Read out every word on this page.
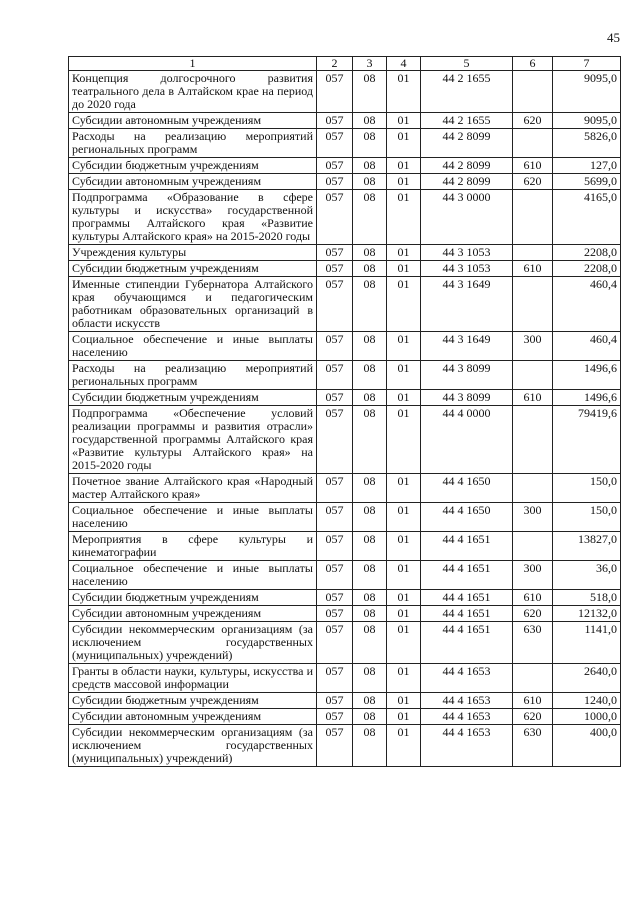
45
1	2	3	4	5	6	7
Концепция долгосрочного развития театрального дела в Алтайском крае на период до 2020 года	057	08	01	44 2 1655		9095,0
Субсидии автономным учреждениям	057	08	01	44 2 1655	620	9095,0
Расходы на реализацию мероприятий региональных программ	057	08	01	44 2 8099		5826,0
Субсидии бюджетным учреждениям	057	08	01	44 2 8099	610	127,0
Субсидии автономным учреждениям	057	08	01	44 2 8099	620	5699,0
Подпрограмма «Образование в сфере культуры и искусства» государственной программы Алтайского края «Развитие культуры Алтайского края» на 2015-2020 годы	057	08	01	44 3 0000		4165,0
Учреждения культуры	057	08	01	44 3 1053		2208,0
Субсидии бюджетным учреждениям	057	08	01	44 3 1053	610	2208,0
Именные стипендии Губернатора Алтайского края обучающимся и педагогическим работникам образовательных организаций в области искусств	057	08	01	44 3 1649		460,4
Социальное обеспечение и иные выплаты населению	057	08	01	44 3 1649	300	460,4
Расходы на реализацию мероприятий региональных программ	057	08	01	44 3 8099		1496,6
Субсидии бюджетным учреждениям	057	08	01	44 3 8099	610	1496,6
Подпрограмма «Обеспечение условий реализации программы и развития отрасли» государственной программы Алтайского края «Развитие культуры Алтайского края» на 2015-2020 годы	057	08	01	44 4 0000		79419,6
Почетное звание Алтайского края «Народный мастер Алтайского края»	057	08	01	44 4 1650		150,0
Социальное обеспечение и иные выплаты населению	057	08	01	44 4 1650	300	150,0
Мероприятия в сфере культуры и кинематографии	057	08	01	44 4 1651		13827,0
Социальное обеспечение и иные выплаты населению	057	08	01	44 4 1651	300	36,0
Субсидии бюджетным учреждениям	057	08	01	44 4 1651	610	518,0
Субсидии автономным учреждениям	057	08	01	44 4 1651	620	12132,0
Субсидии некоммерческим организациям (за исключением государственных (муниципальных) учреждений)	057	08	01	44 4 1651	630	1141,0
Гранты в области науки, культуры, искусства и средств массовой информации	057	08	01	44 4 1653		2640,0
Субсидии бюджетным учреждениям	057	08	01	44 4 1653	610	1240,0
Субсидии автономным учреждениям	057	08	01	44 4 1653	620	1000,0
Субсидии некоммерческим организациям (за исключением государственных (муниципальных) учреждений)	057	08	01	44 4 1653	630	400,0
